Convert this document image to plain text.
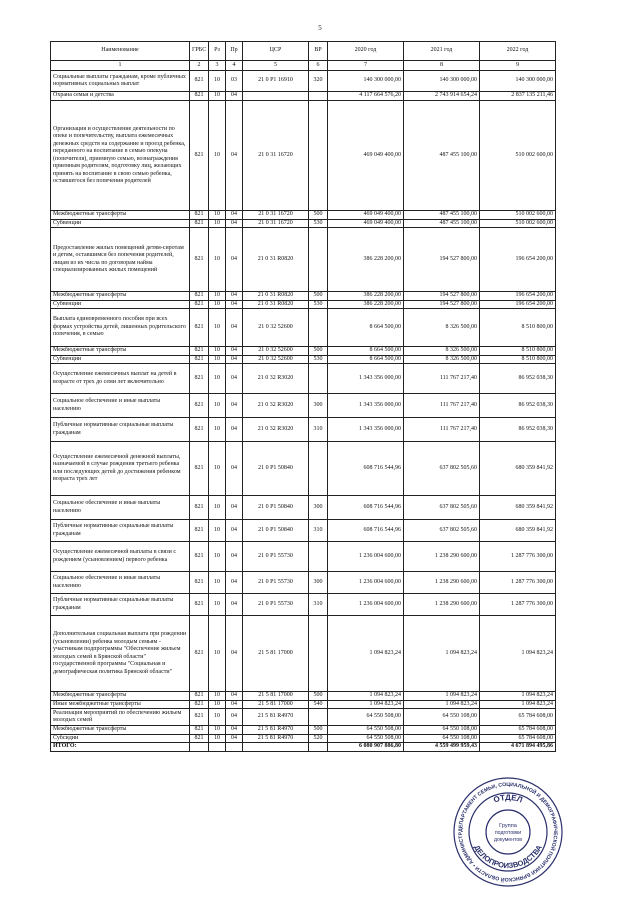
5
Наименование	ГРБС	Рз	Пр	ЦСР	ВР	2020 год	2021 год	2022 год
1	2	3	4	5	6	7	8	9
Социальные выплаты гражданам, кроме публичных нормативных социальных выплат	821	10	03	21 0 P1 16910	320	140 300 000,00	140 300 000,00	140 300 000,00
Охрана семьи и детства	821	10	04			4 117 664 576,20	2 743 914 654,24	2 837 135 211,46
Организация и осуществление деятельности по опеке и попечительству, выплата ежемесячных денежных средств на содержание и проезд ребенка, переданного на воспитание в семью опекуна (попечителя), приемную семью, вознаграждения приемным родителям, подготовку лиц, желающих принять на воспитание в свою семью ребенка, оставшегося без попечения родителей	821	10	04	21 0 31 16720		469 049 400,00	487 455 100,00	510 002 600,00
Межбюджетные трансферты	821	10	04	21 0 31 16720	500	469 049 400,00	487 455 100,00	510 002 600,00
Субвенции	821	10	04	21 0 31 16720	530	469 049 400,00	487 455 100,00	510 002 600,00
Предоставление жилых помещений детям-сиротам и детям, оставшимся без попечения родителей, лицам из их числа по договорам найма специализированных жилых помещений	821	10	04	21 0 31 R0820		386 228 200,00	194 527 800,00	196 654 200,00
Межбюджетные трансферты	821	10	04	21 0 31 R0820	500	386 228 200,00	194 527 800,00	196 654 200,00
Субвенции	821	10	04	21 0 31 R0820	530	386 228 200,00	194 527 800,00	196 654 200,00
Выплата единовременного пособия при всех формах устройства детей, лишенных родительского попечения, в семью	821	10	04	21 0 32 52600		8 664 500,00	8 326 500,00	8 510 800,00
Межбюджетные трансферты	821	10	04	21 0 32 52600	500	8 664 500,00	8 326 500,00	8 510 800,00
Субвенции	821	10	04	21 0 32 52600	530	8 664 500,00	8 326 500,00	8 510 800,00
Осуществление ежемесячных выплат на детей в возрасте от трех до семи лет включительно	821	10	04	21 0 32 R3020		1 343 356 000,00	111 767 217,40	86 952 038,30
Социальное обеспечение и иные выплаты населению	821	10	04	21 0 32 R3020	300	1 343 356 000,00	111 767 217,40	86 952 038,30
Публичные нормативные социальные выплаты гражданам	821	10	04	21 0 32 R3020	310	1 343 356 000,00	111 767 217,40	86 952 038,30
Осуществление ежемесячной денежной выплаты, назначаемой в случае рождения третьего ребенка или последующих детей до достижения ребенком возраста трех лет	821	10	04	21 0 P1 50840		608 716 544,96	637 802 505,60	680 359 841,92
Социальное обеспечение и иные выплаты населению	821	10	04	21 0 P1 50840	300	608 716 544,96	637 802 505,60	680 359 841,92
Публичные нормативные социальные выплаты гражданам	821	10	04	21 0 P1 50840	310	608 716 544,96	637 802 505,60	680 359 841,92
Осуществление ежемесячной выплаты в связи с рождением (усыновлением) первого ребенка	821	10	04	21 0 P1 55730		1 236 004 600,00	1 238 290 600,00	1 287 776 300,00
Социальное обеспечение и иные выплаты населению	821	10	04	21 0 P1 55730	300	1 236 004 600,00	1 238 290 600,00	1 287 776 300,00
Публичные нормативные социальные выплаты гражданам	821	10	04	21 0 P1 55730	310	1 236 004 600,00	1 238 290 600,00	1 287 776 300,00
Дополнительная социальная выплата при рождении (усыновлении) ребенка молодым семьям - участникам подпрограммы "Обеспечение жильем молодых семей в Брянской области" государственной программы "Социальная и демографическая политика Брянской области"	821	10	04	21 5 81 17000		1 094 823,24	1 094 823,24	1 094 823,24
Межбюджетные трансферты	821	10	04	21 5 81 17000	500	1 094 823,24	1 094 823,24	1 094 823,24
Иные межбюджетные трансферты	821	10	04	21 5 81 17000	540	1 094 823,24	1 094 823,24	1 094 823,24
Реализация мероприятий по обеспечению жильем молодых семей	821	10	04	21 5 81 R4970		64 550 508,00	64 550 108,00	65 784 608,00
Межбюджетные трансферты	821	10	04	21 5 81 R4970	500	64 550 508,00	64 550 108,00	65 784 608,00
Субсидии	821	10	04	21 5 81 R4970	520	64 550 508,00	64 550 108,00	65 784 608,00
ИТОГО:						6 080 907 886,80	4 559 499 959,43	4 671 894 495,86
ДЕПАРТАМЕНТ СЕМЬИ, СОЦИАЛЬНОЙ И ДЕМОГРАФИЧЕСКОЙ ПОЛИТИКИ БРЯНСКОЙ ОБЛАСТИ • АДМИНИСТР
ОТДЕЛ
ДЕЛОПРОИЗВОДСТВА
Группа
подготовки
документов
